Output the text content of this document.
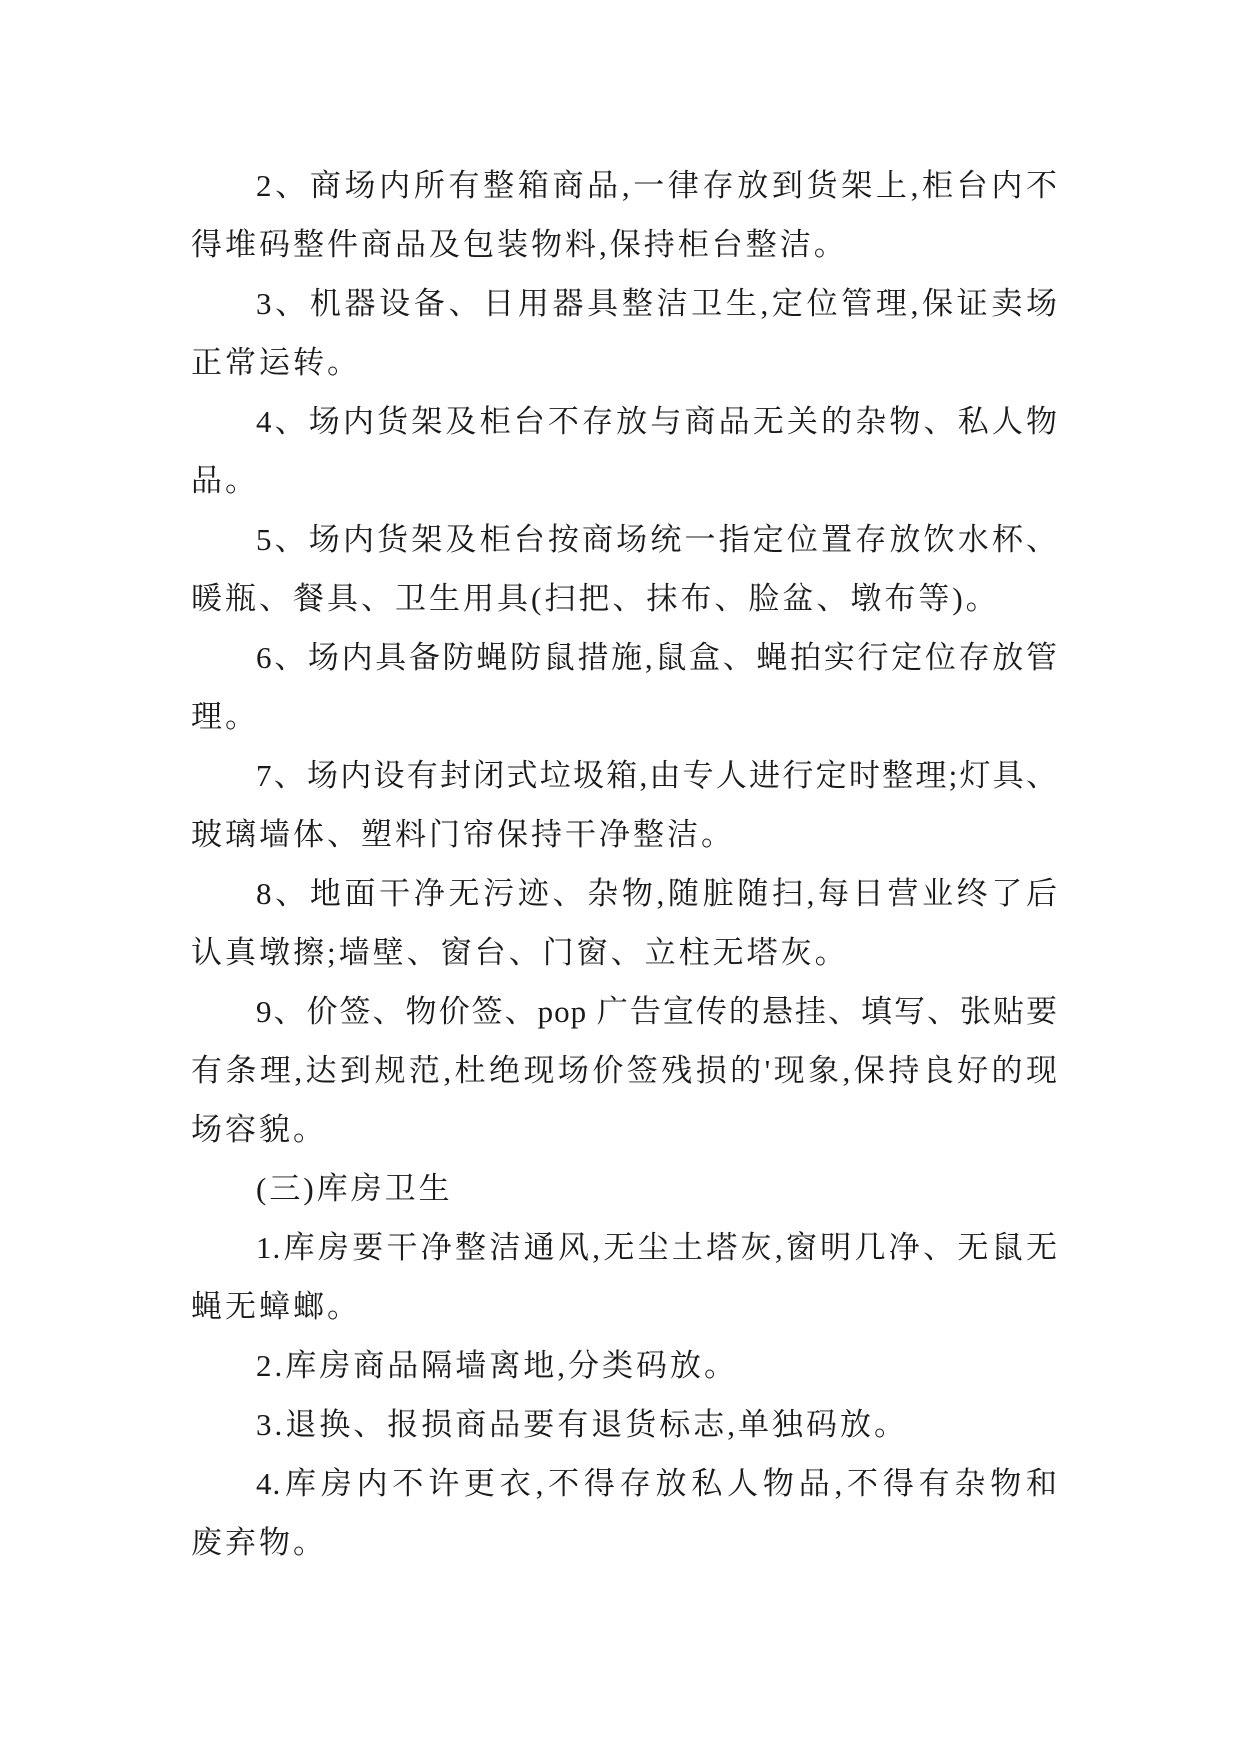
2、商场内所有整箱商品,一律存放到货架上,柜台内不
得堆码整件商品及包装物料,保持柜台整洁。
3、机器设备、日用器具整洁卫生,定位管理,保证卖场
正常运转。
4、场内货架及柜台不存放与商品无关的杂物、私人物
品。
5、场内货架及柜台按商场统一指定位置存放饮水杯、
暖瓶、餐具、卫生用具(扫把、抹布、脸盆、墩布等)。
6、场内具备防蝇防鼠措施,鼠盒、蝇拍实行定位存放管
理。
7、场内设有封闭式垃圾箱,由专人进行定时整理;灯具、
玻璃墙体、塑料门帘保持干净整洁。
8、地面干净无污迹、杂物,随脏随扫,每日营业终了后
认真墩擦;墙壁、窗台、门窗、立柱无塔灰。
9、价签、物价签、pop 广告宣传的悬挂、填写、张贴要
有条理,达到规范,杜绝现场价签残损的'现象,保持良好的现
场容貌。
(三)库房卫生
1.库房要干净整洁通风,无尘土塔灰,窗明几净、无鼠无
蝇无蟑螂。
2.库房商品隔墙离地,分类码放。
3.退换、报损商品要有退货标志,单独码放。
4.库房内不许更衣,不得存放私人物品,不得有杂物和
废弃物。
